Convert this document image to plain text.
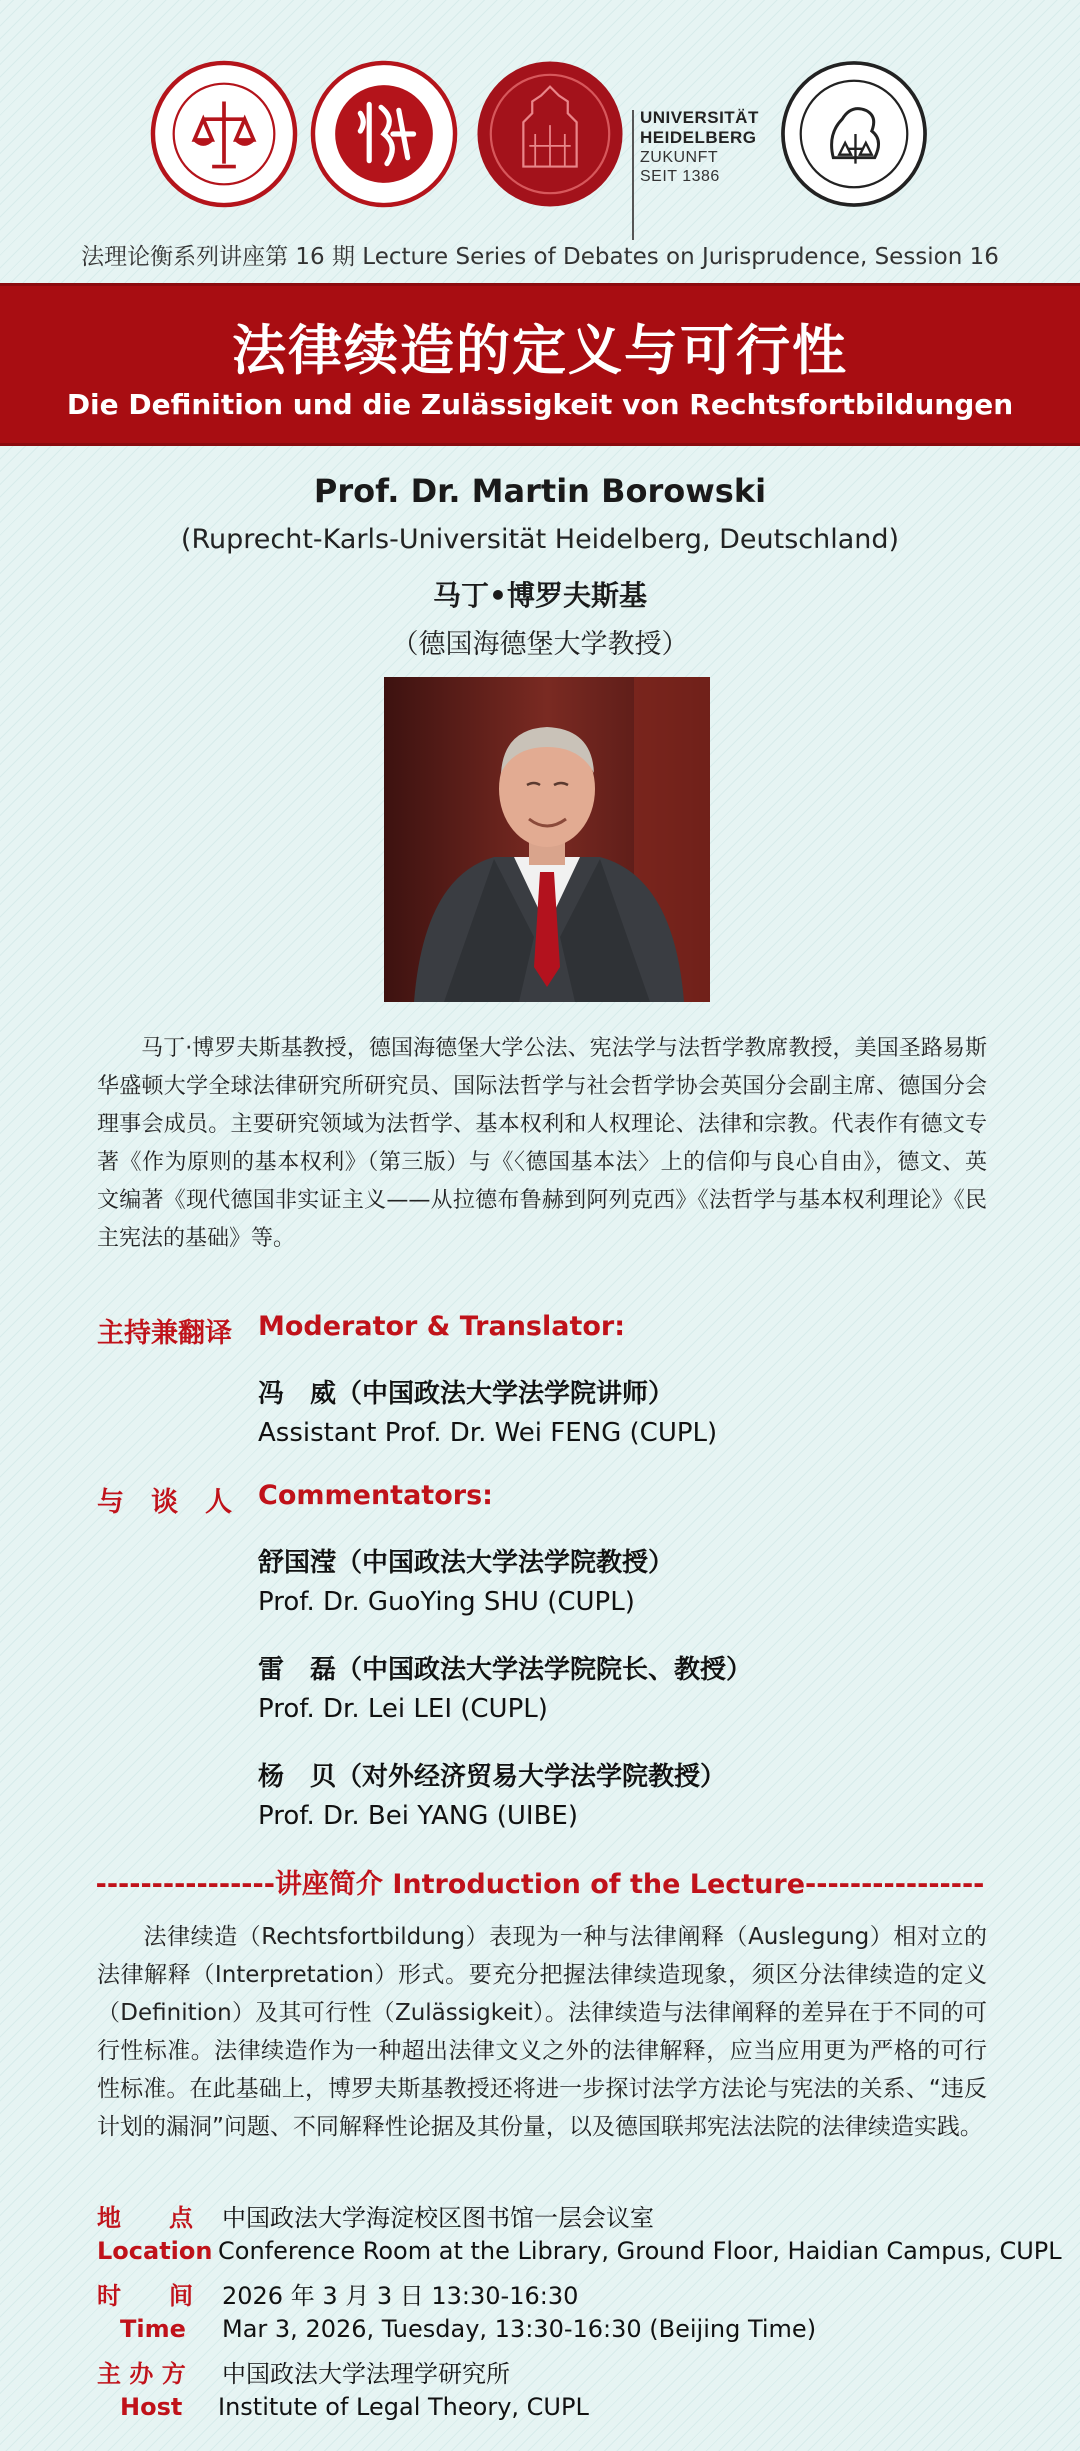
UNIVERSITÄT
HEIDELBERG
ZUKUNFT
SEIT 1386
法理论衡系列讲座第 16 期 Lecture Series of Debates on Jurisprudence, Session 16
法律续造的定义与可行性
Die Definition und die Zulässigkeit von Rechtsfortbildungen
Prof. Dr. Martin Borowski
(Ruprecht-Karls-Universität Heidelberg, Deutschland)
马丁•博罗夫斯基
（德国海德堡大学教授）
马丁·博罗夫斯基教授，德国海德堡大学公法、宪法学与法哲学教席教授，美国圣路易斯华盛顿大学全球法律研究所研究员、国际法哲学与社会哲学协会英国分会副主席、德国分会理事会成员。主要研究领域为法哲学、基本权利和人权理论、法律和宗教。代表作有德文专著《作为原则的基本权利》（第三版）与《〈德国基本法〉上的信仰与良心自由》，德文、英文编著《现代德国非实证主义——从拉德布鲁赫到阿列克西》《法哲学与基本权利理论》《民主宪法的基础》等。
主持兼翻译 Moderator & Translator:
冯　威（中国政法大学法学院讲师）
Assistant Prof. Dr. Wei FENG (CUPL)
与　谈　人 Commentators:
舒国滢（中国政法大学法学院教授）
Prof. Dr. GuoYing SHU (CUPL)
雷　磊（中国政法大学法学院院长、教授）
Prof. Dr. Lei LEI (CUPL)
杨　贝（对外经济贸易大学法学院教授）
Prof. Dr. Bei YANG (UIBE)
----------------讲座简介 Introduction of the Lecture----------------
法律续造（Rechtsfortbildung）表现为一种与法律阐释（Auslegung）相对立的法律解释（Interpretation）形式。要充分把握法律续造现象，须区分法律续造的定义（Definition）及其可行性（Zulässigkeit）。法律续造与法律阐释的差异在于不同的可行性标准。法律续造作为一种超出法律文义之外的法律解释，应当应用更为严格的可行性标准。在此基础上，博罗夫斯基教授还将进一步探讨法学方法论与宪法的关系、“违反计划的漏洞”问题、不同解释性论据及其份量，以及德国联邦宪法法院的法律续造实践。
地　　点 中国政法大学海淀校区图书馆一层会议室
Location Conference Room at the Library, Ground Floor, Haidian Campus, CUPL
时　　间 2026 年 3 月 3 日 13:30-16:30
Time Mar 3, 2026, Tuesday, 13:30-16:30 (Beijing Time)
主 办 方 中国政法大学法理学研究所
Host Institute of Legal Theory, CUPL
